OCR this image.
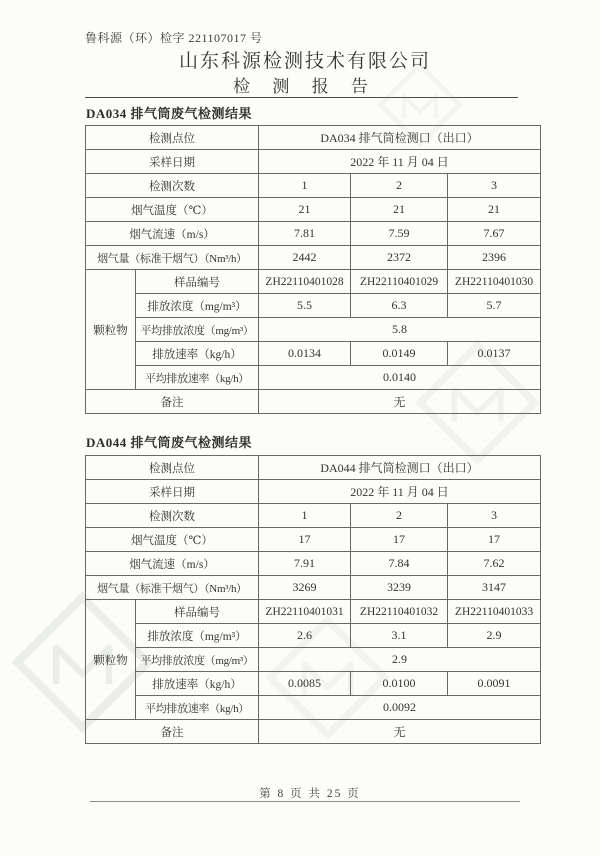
鲁科源（环）检字 221107017 号
山东科源检测技术有限公司
检 测 报 告
DA034 排气筒废气检测结果
检测点位		DA034 排气筒检测口（出口）		
采样日期		2022 年 11 月 04 日		
检测次数		1	2	3
烟气温度（℃）		21	21	21
烟气流速（m/s）		7.81	7.59	7.67
烟气量（标准干烟气）（Nm³/h）		2442	2372	2396
颗粒物	样品编号	ZH22110401028	ZH22110401029	ZH22110401030
	排放浓度（mg/m³）	5.5	6.3	5.7
	平均排放浓度（mg/m³）	5.8		
	排放速率（kg/h）	0.0134	0.0149	0.0137
	平均排放速率（kg/h）	0.0140		
备注		无		
DA044 排气筒废气检测结果
检测点位		DA044 排气筒检测口（出口）		
采样日期		2022 年 11 月 04 日		
检测次数		1	2	3
烟气温度（℃）		17	17	17
烟气流速（m/s）		7.91	7.84	7.62
烟气量（标准干烟气）（Nm³/h）		3269	3239	3147
颗粒物	样品编号	ZH22110401031	ZH22110401032	ZH22110401033
	排放浓度（mg/m³）	2.6	3.1	2.9
	平均排放浓度（mg/m³）	2.9		
	排放速率（kg/h）	0.0085	0.0100	0.0091
	平均排放速率（kg/h）	0.0092		
备注		无		
第 8 页 共 25 页
